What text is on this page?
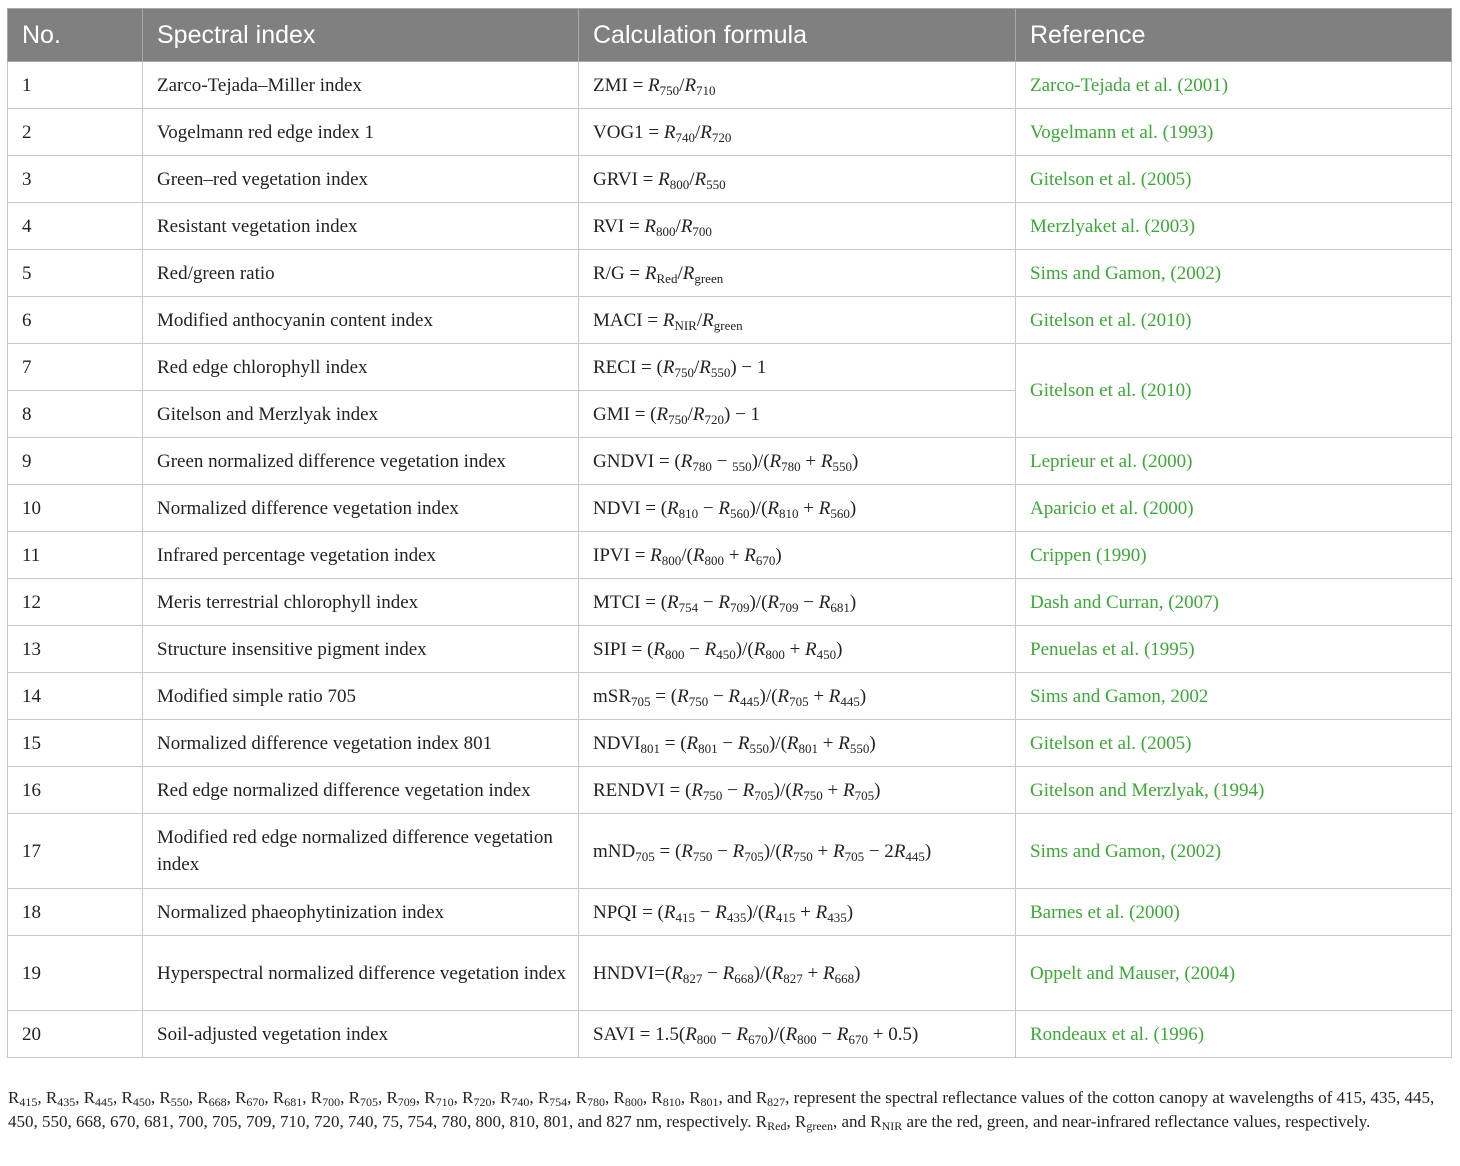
No.	Spectral index	Calculation formula	Reference
1	Zarco-Tejada–Miller index	ZMI = $R_{750}/R_{710}$	Zarco-Tejada et al. (2001)
2	Vogelmann red edge index 1	$VOG1 = R_{740}/R_{720}$	Vogelmann et al. (1993)
3	Green–red vegetation index	GRVI = $R_{800}/R_{550}$	Gitelson et al. (2005)
4	Resistant vegetation index	RVI = $R_{800}/R_{700}$	Merzlyaket al. (2003)
5	Red/green ratio	$R/G = R_{Red}/R_{green}$	Sims and Gamon, (2002)
6	Modified anthocyanin content index	MACI = $R_{NIR}/R_{green}$	Gitelson et al. (2010)
7	Red edge chlorophyll index	RECI = $(R_{750}/R_{550}) - 1$	Gitelson et al. (2010)
8	Gitelson and Merzlyak index	GMI = $(R_{750}/R_{720}) - 1$	
9	Green normalized difference vegetation index	GNDVI = $(R_{780} - _{550})/(R_{780} + R_{550})$	Leprieur et al. (2000)
10	Normalized difference vegetation index	NDVI = $(R_{810} - R_{560})/(R_{810} + R_{560})$	Aparicio et al. (2000)
11	Infrared percentage vegetation index	IPVI = $R_{800}/(R_{800} + R_{670})$	Crippen (1990)
12	Meris terrestrial chlorophyll index	MTCI = $(R_{754} - R_{709})/(R_{709} - R_{681})$	Dash and Curran, (2007)
13	Structure insensitive pigment index	SIPI = $(R_{800} - R_{450})/(R_{800} + R_{450})$	Penuelas et al. (1995)
14	Modified simple ratio 705	$mSR_{705} = (R_{750} - R_{445})/(R_{705} + R_{445})$	Sims and Gamon, 2002
15	Normalized difference vegetation index 801	$NDVI_{801} = (R_{801} - R_{550})/(R_{801} + R_{550})$	Gitelson et al. (2005)
16	Red edge normalized difference vegetation index	RENDVI = $(R_{750} - R_{705})/(R_{750} + R_{705})$	Gitelson and Merzlyak, (1994)
17	Modified red edge normalized difference vegetation index	$mND_{705} = (R_{750} - R_{705})/(R_{750} + R_{705} - 2R_{445})$	Sims and Gamon, (2002)
18	Normalized phaeophytinization index	NPQI = $(R_{415} - R_{435})/(R_{415} + R_{435})$	Barnes et al. (2000)
19	Hyperspectral normalized difference vegetation index	$HNDVI=(R_{827} - R_{668})/(R_{827} + R_{668})$	Oppelt and Mauser, (2004)
20	Soil-adjusted vegetation index	SAVI = $1.5(R_{800} - R_{670})/(R_{800} - R_{670} + 0.5)$	Rondeaux et al. (1996)

$R_{415}$, $R_{435}$, $R_{445}$, $R_{450}$, $R_{550}$, $R_{668}$, $R_{670}$, $R_{681}$, $R_{700}$, $R_{705}$, $R_{709}$, $R_{710}$, $R_{720}$, $R_{740}$, $R_{754}$, $R_{780}$, $R_{800}$, $R_{810}$, $R_{801}$, and $R_{827}$, represent the spectral reflectance values of the cotton canopy at wavelengths of 415, 435, 445, 450, 550, 668, 670, 681, 700, 705, 709, 710, 720, 740, 75, 754, 780, 800, 810, 801, and 827 nm, respectively. $R_{Red}$, $R_{green}$, and $R_{NIR}$ are the red, green, and near-infrared reflectance values, respectively.
